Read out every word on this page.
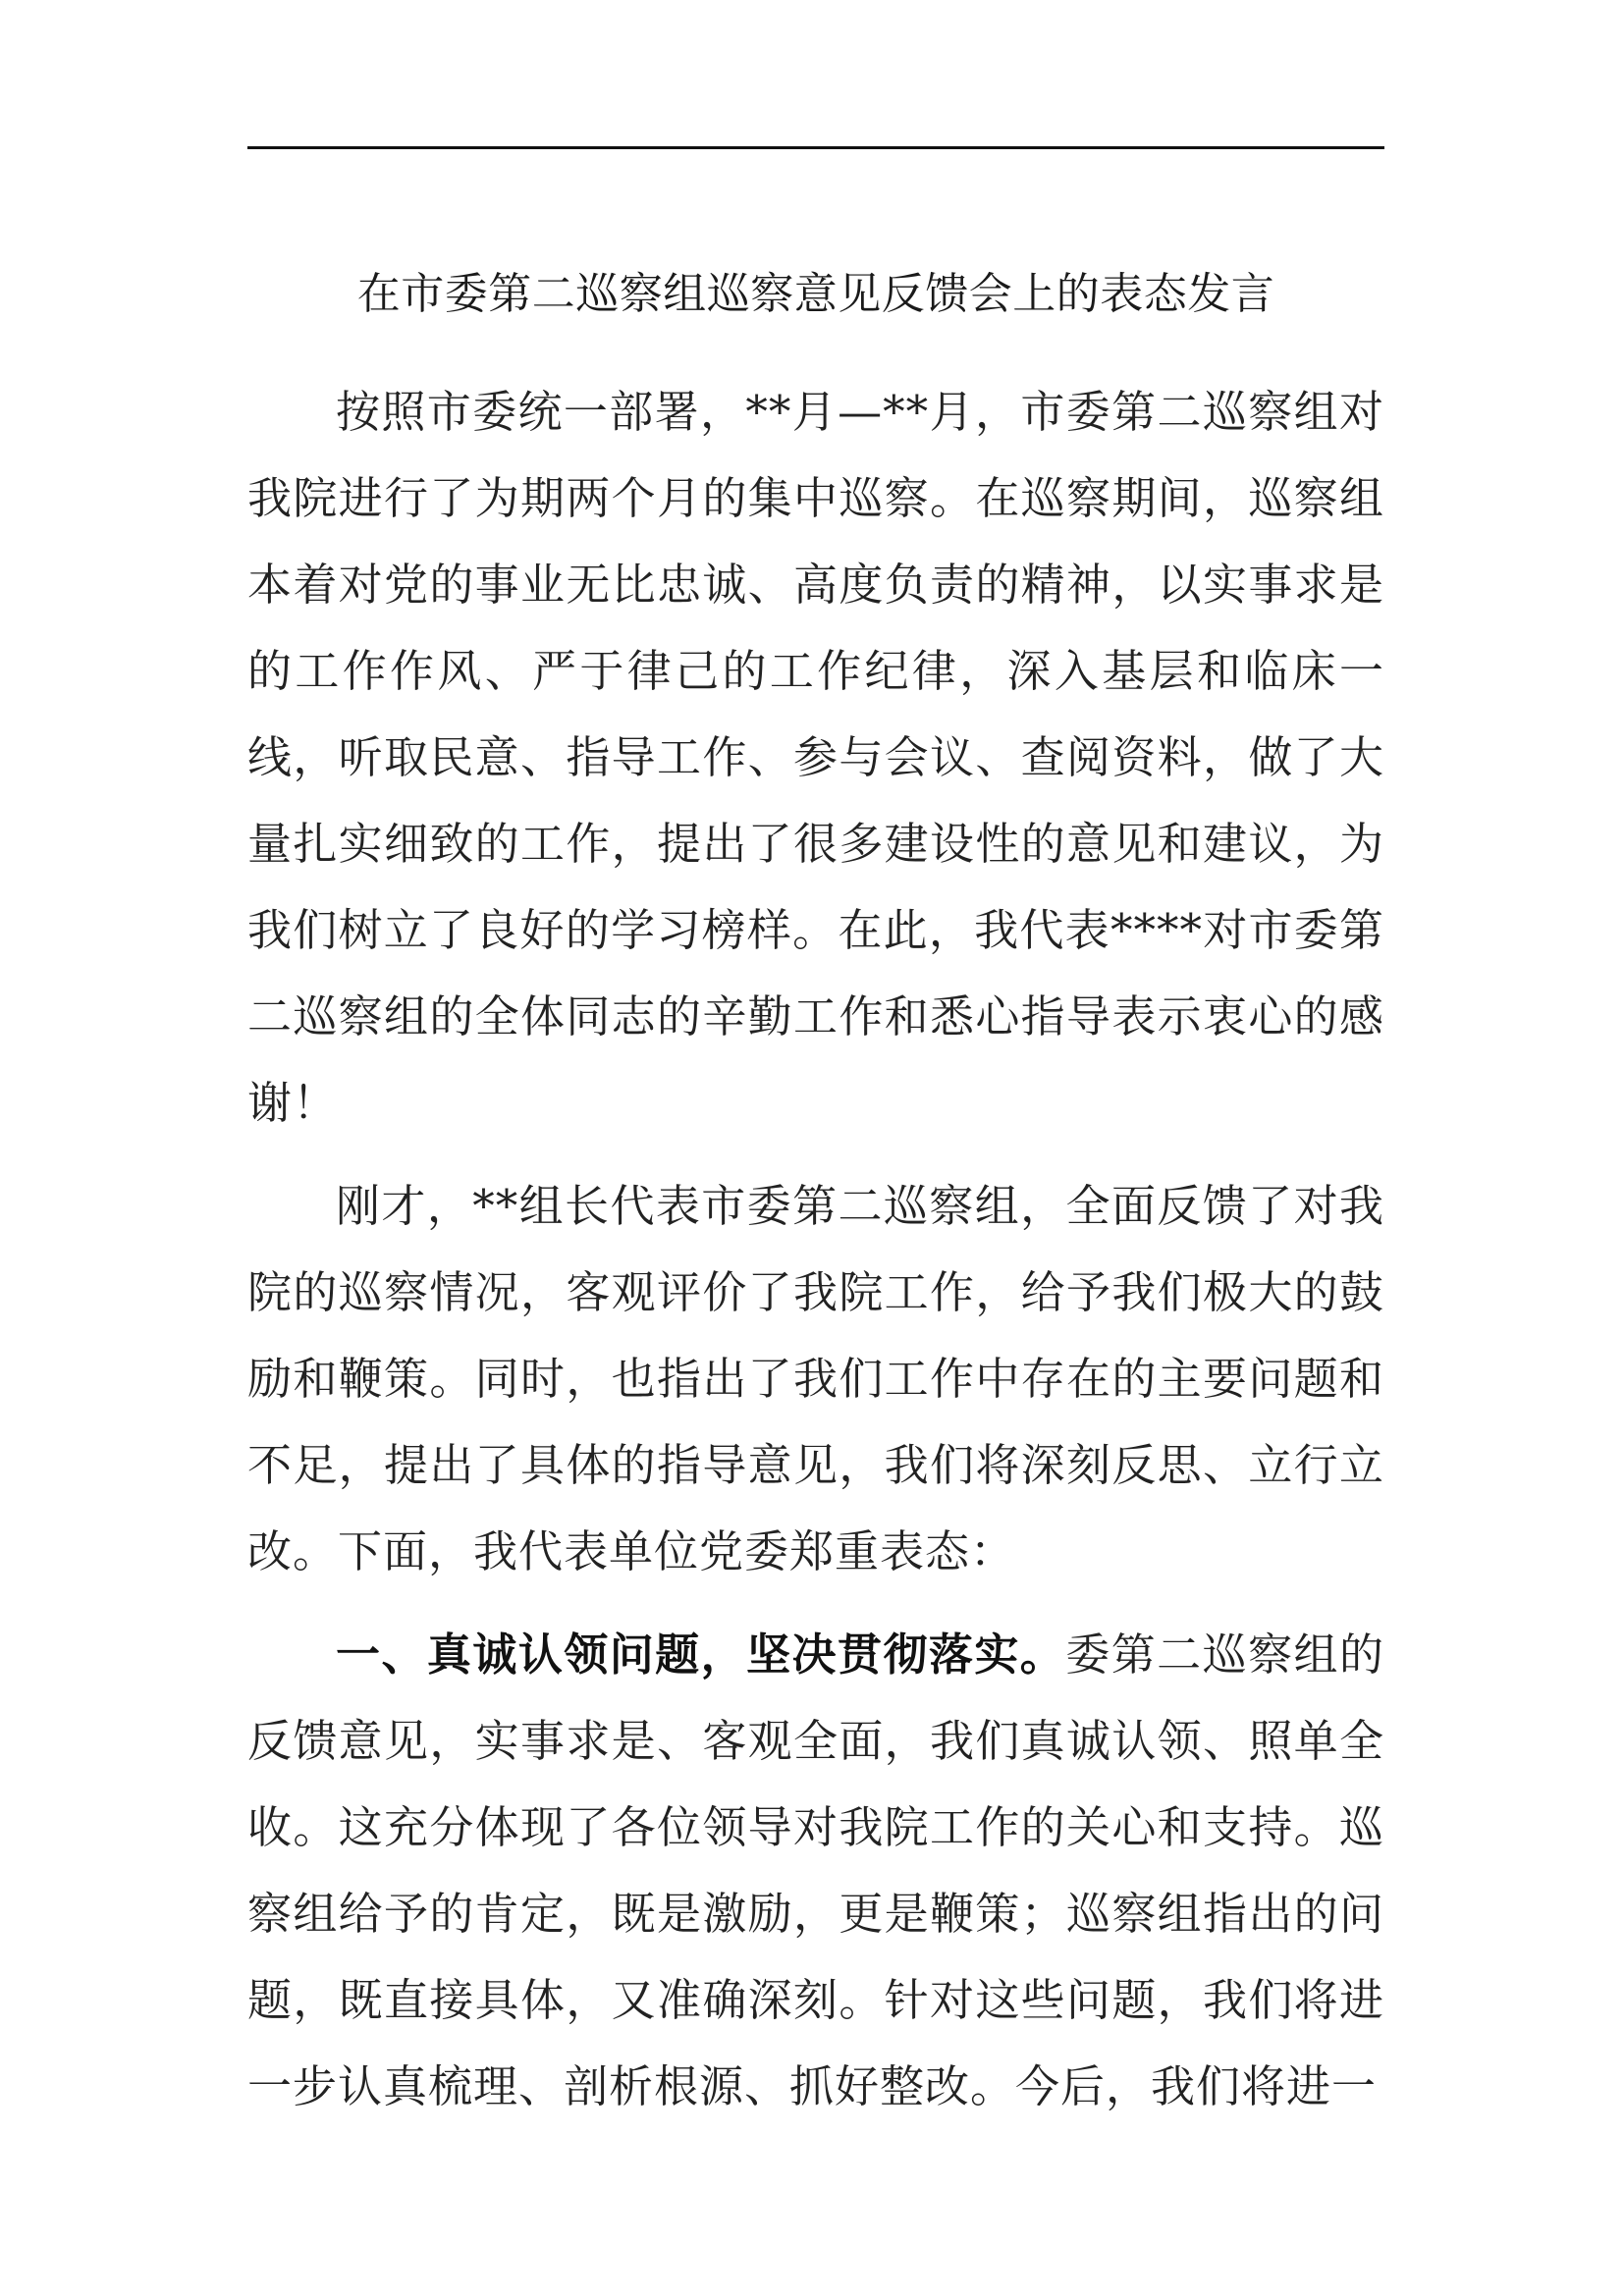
在市委第二巡察组巡察意见反馈会上的表态发言

按照市委统一部署，**月—**月，市委第二巡察组对我院进行了为期两个月的集中巡察。在巡察期间，巡察组本着对党的事业无比忠诚、高度负责的精神，以实事求是的工作作风、严于律己的工作纪律，深入基层和临床一线，听取民意、指导工作、参与会议、查阅资料，做了大量扎实细致的工作，提出了很多建设性的意见和建议，为我们树立了良好的学习榜样。在此，我代表****对市委第二巡察组的全体同志的辛勤工作和悉心指导表示衷心的感谢！

刚才，**组长代表市委第二巡察组，全面反馈了对我院的巡察情况，客观评价了我院工作，给予我们极大的鼓励和鞭策。同时，也指出了我们工作中存在的主要问题和不足，提出了具体的指导意见，我们将深刻反思、立行立改。下面，我代表单位党委郑重表态：

一、真诚认领问题，坚决贯彻落实。委第二巡察组的反馈意见，实事求是、客观全面，我们真诚认领、照单全收。这充分体现了各位领导对我院工作的关心和支持。巡察组给予的肯定，既是激励，更是鞭策；巡察组指出的问题，既直接具体，又准确深刻。针对这些问题，我们将进一步认真梳理、剖析根源、抓好整改。今后，我们将进一
